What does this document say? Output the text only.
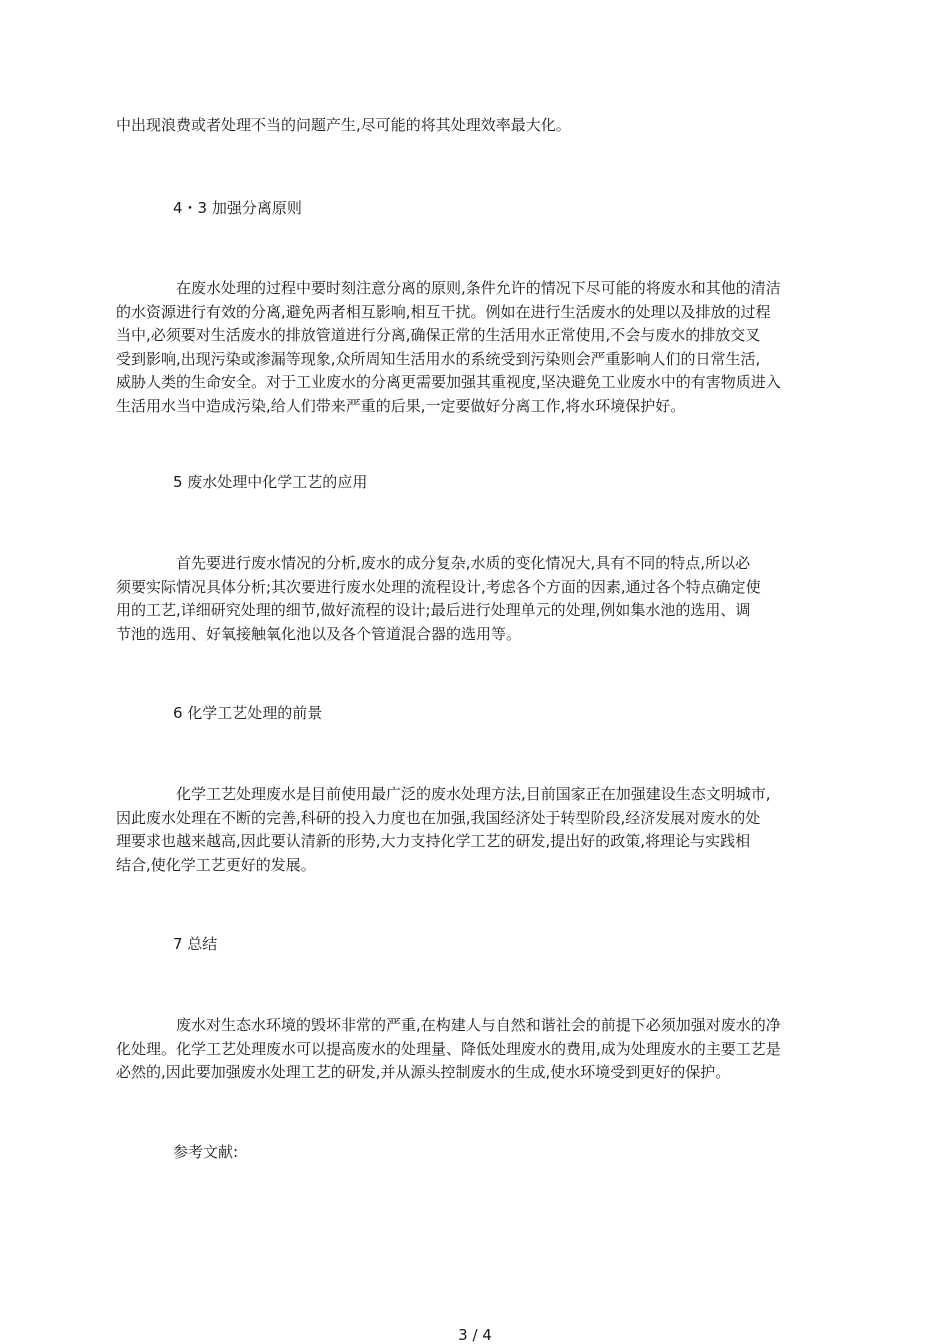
中出现浪费或者处理不当的问题产生,尽可能的将其处理效率最大化。
4・3 加强分离原则
　　　　在废水处理的过程中要时刻注意分离的原则,条件允许的情况下尽可能的将废水和其他的清洁
的水资源进行有效的分离,避免两者相互影响,相互干扰。例如在进行生活废水的处理以及排放的过程
当中,必须要对生活废水的排放管道进行分离,确保正常的生活用水正常使用,不会与废水的排放交叉
受到影响,出现污染或渗漏等现象,众所周知生活用水的系统受到污染则会严重影响人们的日常生活,
威胁人类的生命安全。对于工业废水的分离更需要加强其重视度,坚决避免工业废水中的有害物质进入
生活用水当中造成污染,给人们带来严重的后果,一定要做好分离工作,将水环境保护好。
5 废水处理中化学工艺的应用
　　　　首先要进行废水情况的分析,废水的成分复杂,水质的变化情况大,具有不同的特点,所以必
须要实际情况具体分析;其次要进行废水处理的流程设计,考虑各个方面的因素,通过各个特点确定使
用的工艺,详细研究处理的细节,做好流程的设计;最后进行处理单元的处理,例如集水池的选用、调
节池的选用、好氧接触氧化池以及各个管道混合器的选用等。
6 化学工艺处理的前景
　　　　化学工艺处理废水是目前使用最广泛的废水处理方法,目前国家正在加强建设生态文明城市,
因此废水处理在不断的完善,科研的投入力度也在加强,我国经济处于转型阶段,经济发展对废水的处
理要求也越来越高,因此要认清新的形势,大力支持化学工艺的研发,提出好的政策,将理论与实践相
结合,使化学工艺更好的发展。
7 总结
　　　　废水对生态水环境的毁坏非常的严重,在构建人与自然和谐社会的前提下必须加强对废水的净
化处理。化学工艺处理废水可以提高废水的处理量、降低处理废水的费用,成为处理废水的主要工艺是
必然的,因此要加强废水处理工艺的研发,并从源头控制废水的生成,使水环境受到更好的保护。
参考文献:
3 / 4
